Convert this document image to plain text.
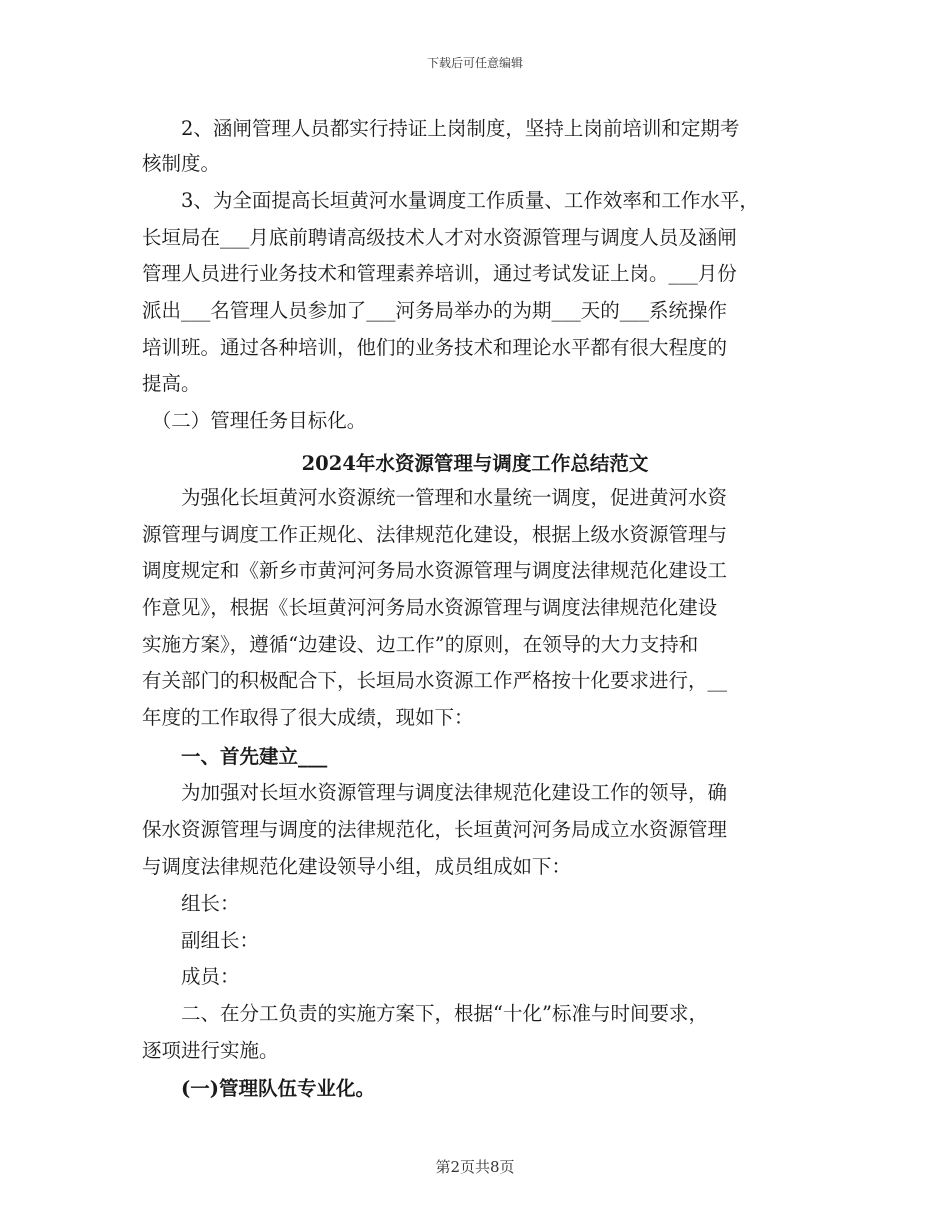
下载后可任意编辑
　　2、涵闸管理人员都实行持证上岗制度，坚持上岗前培训和定期考
核制度。
　　3、为全面提高长垣黄河水量调度工作质量、工作效率和工作水平，
长垣局在___月底前聘请高级技术人才对水资源管理与调度人员及涵闸
管理人员进行业务技术和管理素养培训，通过考试发证上岗。___月份
派出___名管理人员参加了___河务局举办的为期___天的___系统操作
培训班。通过各种培训，他们的业务技术和理论水平都有很大程度的
提高。
　（二）管理任务目标化。
2024年水资源管理与调度工作总结范文
　　为强化长垣黄河水资源统一管理和水量统一调度，促进黄河水资
源管理与调度工作正规化、法律规范化建设，根据上级水资源管理与
调度规定和《新乡市黄河河务局水资源管理与调度法律规范化建设工
作意见》，根据《长垣黄河河务局水资源管理与调度法律规范化建设
实施方案》，遵循“边建设、边工作”的原则，在领导的大力支持和
有关部门的积极配合下，长垣局水资源工作严格按十化要求进行，__
年度的工作取得了很大成绩，现如下：
　　一、首先建立___
　　为加强对长垣水资源管理与调度法律规范化建设工作的领导，确
保水资源管理与调度的法律规范化，长垣黄河河务局成立水资源管理
与调度法律规范化建设领导小组，成员组成如下：
　　组长：
　　副组长：
　　成员：
　　二、在分工负责的实施方案下，根据“十化”标准与时间要求，
逐项进行实施。
　　(一)管理队伍专业化。
第2页共8页
